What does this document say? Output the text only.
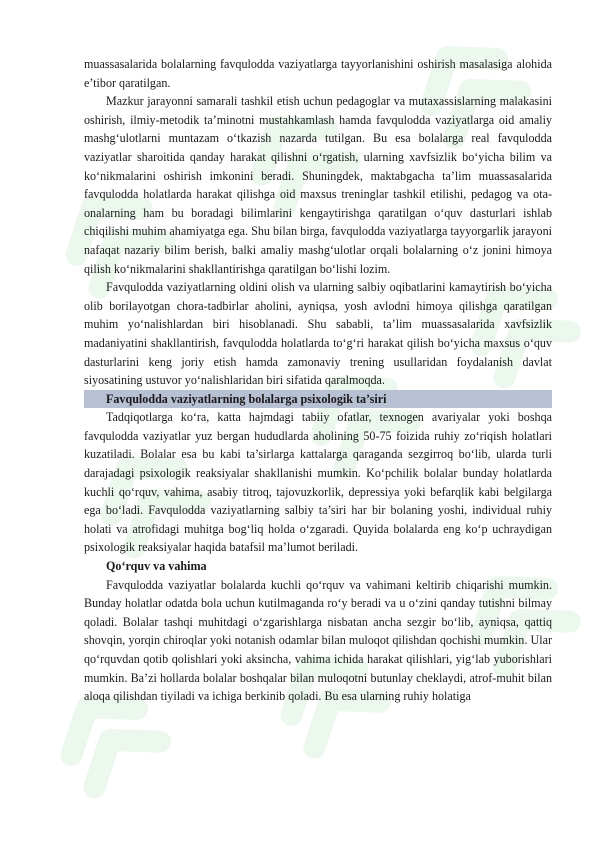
muassasalarida bolalarning favqulodda vaziyatlarga tayyorlanishini oshirish masalasiga alohida e’tibor qaratilgan.

Mazkur jarayonni samarali tashkil etish uchun pedagoglar va mutaxassislarning malakasini oshirish, ilmiy-metodik ta’minotni mustahkamlash hamda favqulodda vaziyatlarga oid amaliy mashg‘ulotlarni muntazam o‘tkazish nazarda tutilgan. Bu esa bolalarga real favqulodda vaziyatlar sharoitida qanday harakat qilishni o‘rgatish, ularning xavfsizlik bo‘yicha bilim va ko‘nikmalarini oshirish imkonini beradi. Shuningdek, maktabgacha ta’lim muassasalarida favqulodda holatlarda harakat qilishga oid maxsus treninglar tashkil etilishi, pedagog va ota-onalarning ham bu boradagi bilimlarini kengaytirishga qaratilgan o‘quv dasturlari ishlab chiqilishi muhim ahamiyatga ega. Shu bilan birga, favqulodda vaziyatlarga tayyorgarlik jarayoni nafaqat nazariy bilim berish, balki amaliy mashg‘ulotlar orqali bolalarning o‘z jonini himoya qilish ko‘nikmalarini shakllantirishga qaratilgan bo‘lishi lozim.

Favqulodda vaziyatlarning oldini olish va ularning salbiy oqibatlarini kamaytirish bo‘yicha olib borilayotgan chora-tadbirlar aholini, ayniqsa, yosh avlodni himoya qilishga qaratilgan muhim yo‘nalishlardan biri hisoblanadi. Shu sababli, ta’lim muassasalarida xavfsizlik madaniyatini shakllantirish, favqulodda holatlarda to‘g‘ri harakat qilish bo‘yicha maxsus o‘quv dasturlarini keng joriy etish hamda zamonaviy trening usullaridan foydalanish davlat siyosatining ustuvor yo‘nalishlaridan biri sifatida qaralmoqda.

Favqulodda vaziyatlarning bolalarga psixologik ta’siri

Tadqiqotlarga ko‘ra, katta hajmdagi tabiiy ofatlar, texnogen avariyalar yoki boshqa favqulodda vaziyatlar yuz bergan hududlarda aholining 50-75 foizida ruhiy zo‘riqish holatlari kuzatiladi. Bolalar esa bu kabi ta’sirlarga kattalarga qaraganda sezgirroq bo‘lib, ularda turli darajadagi psixologik reaksiyalar shakllanishi mumkin. Ko‘pchilik bolalar bunday holatlarda kuchli qo‘rquv, vahima, asabiy titroq, tajovuzkorlik, depressiya yoki befarqlik kabi belgilarga ega bo‘ladi. Favqulodda vaziyatlarning salbiy ta’siri har bir bolaning yoshi, individual ruhiy holati va atrofidagi muhitga bog‘liq holda o‘zgaradi. Quyida bolalarda eng ko‘p uchraydigan psixologik reaksiyalar haqida batafsil ma’lumot beriladi.

Qo‘rquv va vahima

Favqulodda vaziyatlar bolalarda kuchli qo‘rquv va vahimani keltirib chiqarishi mumkin. Bunday holatlar odatda bola uchun kutilmaganda ro‘y beradi va u o‘zini qanday tutishni bilmay qoladi. Bolalar tashqi muhitdagi o‘zgarishlarga nisbatan ancha sezgir bo‘lib, ayniqsa, qattiq shovqin, yorqin chiroqlar yoki notanish odamlar bilan muloqot qilishdan qochishi mumkin. Ular qo‘rquvdan qotib qolishlari yoki aksincha, vahima ichida harakat qilishlari, yig‘lab yuborishlari mumkin. Ba’zi hollarda bolalar boshqalar bilan muloqotni butunlay cheklaydi, atrof-muhit bilan aloqa qilishdan tiyiladi va ichiga berkinib qoladi. Bu esa ularning ruhiy holatiga
